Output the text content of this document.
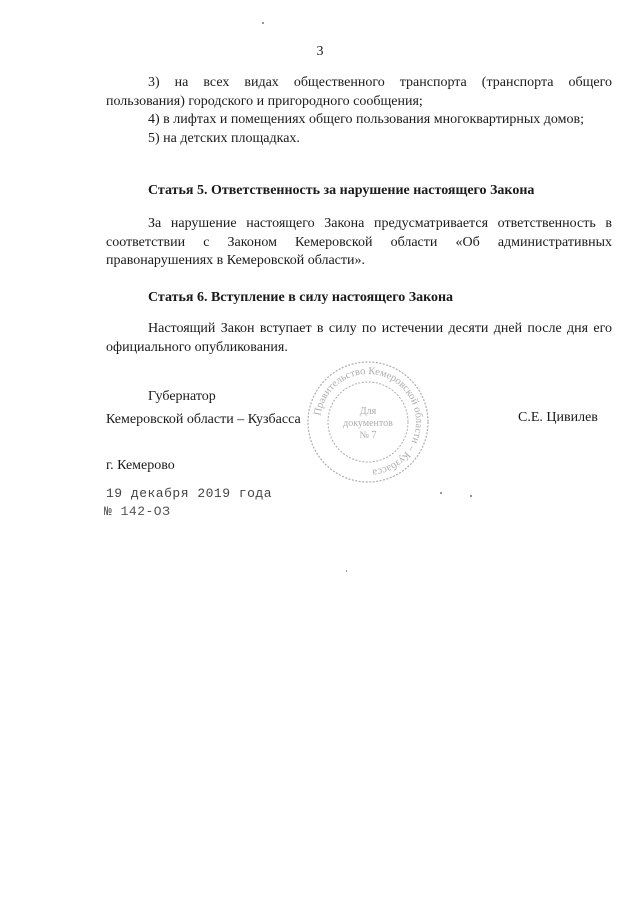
3

3) на всех видах общественного транспорта (транспорта общего пользования) городского и пригородного сообщения;

4) в лифтах и помещениях общего пользования многоквартирных домов;

5) на детских площадках.

Статья 5. Ответственность за нарушение настоящего Закона

За нарушение настоящего Закона предусматривается ответственность в соответствии с Законом Кемеровской области «Об административных правонарушениях в Кемеровской области».

Статья 6. Вступление в силу настоящего Закона

Настоящий Закон вступает в силу по истечении десяти дней после дня его официального опубликования.

Губернатор
Кемеровской области – Кузбасса	С.Е. Цивилев
Правительство Кемеровской области – Кузбасса
Для
документов
№ 7
г. Кемерово
19 декабря 2019 года
№ 142-ОЗ
